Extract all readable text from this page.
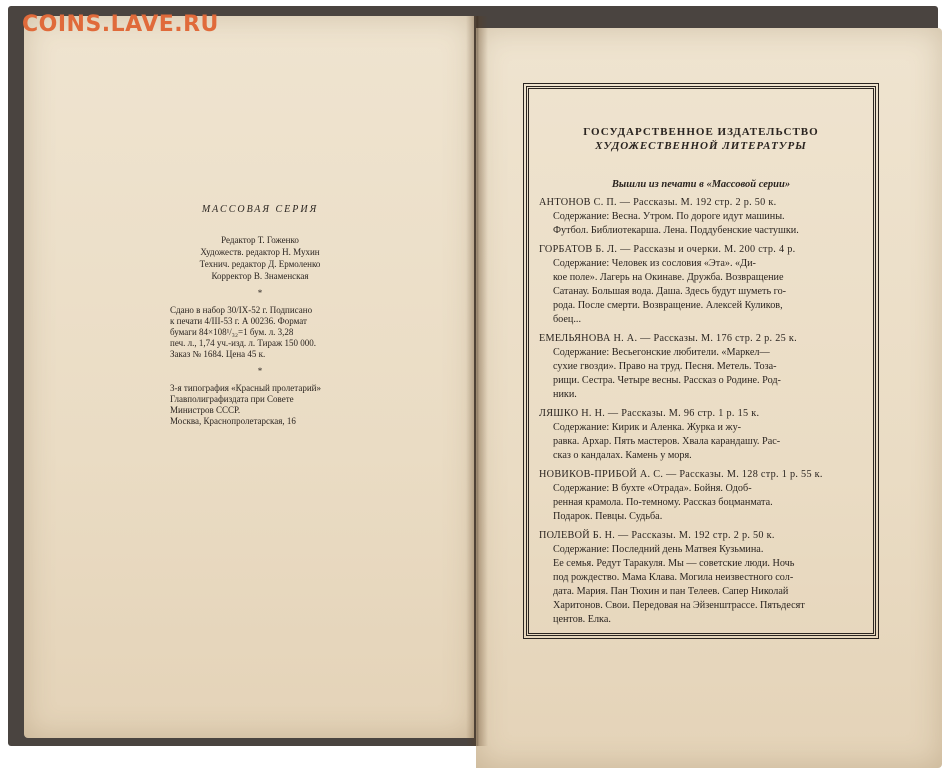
COINS.LAVE.RU
МАССОВАЯ СЕРИЯ
Редактор Т. Гоженко
Художеств. редактор Н. Мухин
Технич. редактор Д. Ермоленко
Корректор В. Знаменская
*
Сдано в набор 30/IX-52 г. Подписано
к печати 4/III-53 г. А 00236. Формат
бумаги 84×108¹/₃₂=1 бум. л. 3,28
печ. л., 1,74 уч.-изд. л. Тираж 150 000.
Заказ № 1684. Цена 45 к.
*
3-я типография «Красный пролетарий»
Главполиграфиздата при Совете
Министров СССР.
Москва, Краснопролетарская, 16
ГОСУДАРСТВЕННОЕ ИЗДАТЕЛЬСТВО
ХУДОЖЕСТВЕННОЙ ЛИТЕРАТУРЫ
Вышли из печати в «Массовой серии»
АНТОНОВ С. П. — Рассказы. М. 192 стр. 2 р. 50 к.
Содержание: Весна. Утром. По дороге идут машины.
Футбол. Библиотекарша. Лена. Поддубенские частушки.
ГОРБАТОВ Б. Л. — Рассказы и очерки. М. 200 стр. 4 р.
Содержание: Человек из сословия «Эта». «Ди-
кое поле». Лагерь на Окинаве. Дружба. Возвращение
Сатанау. Большая вода. Даша. Здесь будут шуметь го-
рода. После смерти. Возвращение. Алексей Куликов,
боец...
ЕМЕЛЬЯНОВА Н. А. — Рассказы. М. 176 стр. 2 р. 25 к.
Содержание: Весьегонские любители. «Маркел—
сухие гвозди». Право на труд. Песня. Метель. Тоза-
рищи. Сестра. Четыре весны. Рассказ о Родине. Род-
ники.
ЛЯШКО Н. Н. — Рассказы. М. 96 стр. 1 р. 15 к.
Содержание: Кирик и Аленка. Журка и жу-
равка. Архар. Пять мастеров. Хвала карандашу. Рас-
сказ о кандалах. Камень у моря.
НОВИКОВ-ПРИБОЙ А. С. — Рассказы. М. 128 стр. 1 р. 55 к.
Содержание: В бухте «Отрада». Бойня. Одоб-
ренная крамола. По-темному. Рассказ боцманмата.
Подарок. Певцы. Судьба.
ПОЛЕВОЙ Б. Н. — Рассказы. М. 192 стр. 2 р. 50 к.
Содержание: Последний день Матвея Кузьмина.
Ее семья. Редут Таракуля. Мы — советские люди. Ночь
под рождество. Мама Клава. Могила неизвестного сол-
дата. Мария. Пан Тюхин и пан Телеев. Сапер Николай
Харитонов. Свои. Передовая на Эйзенштрассе. Пятьдесят
центов. Елка.
